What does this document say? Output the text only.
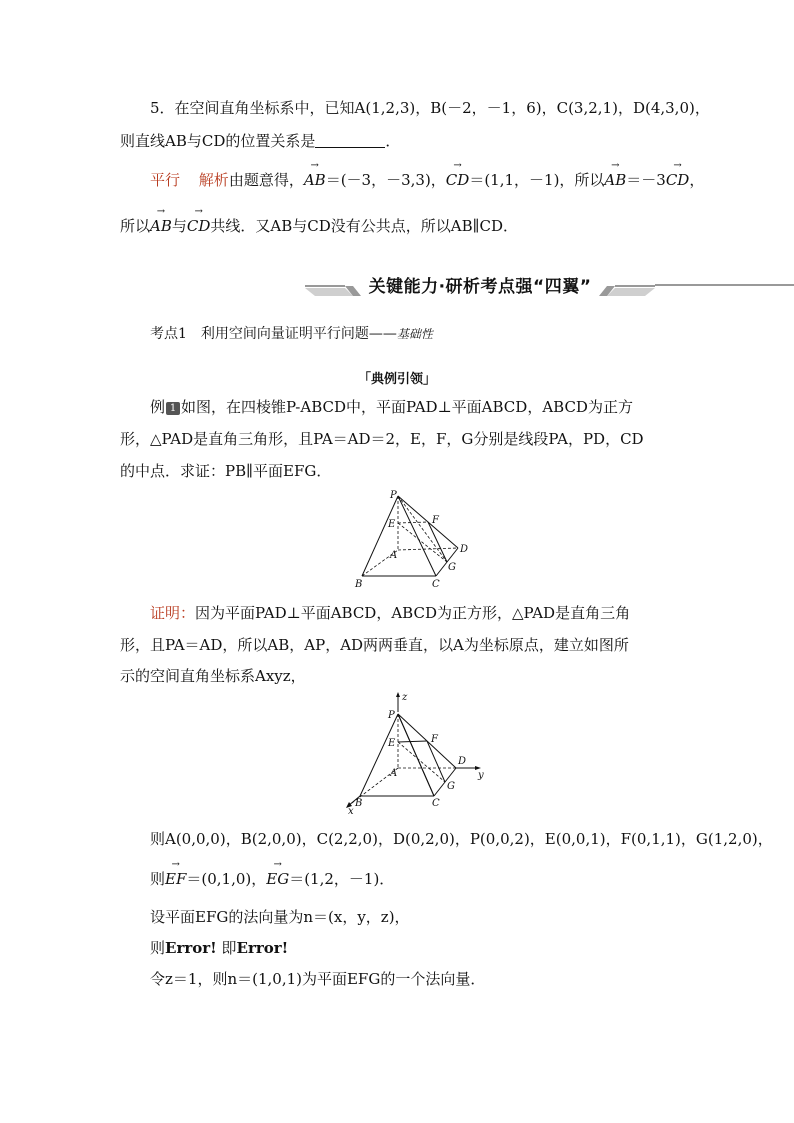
5．在空间直角坐标系中，已知A(1,2,3)，B(－2，－1，6)，C(3,2,1)，D(4,3,0)，
则直线AB与CD的位置关系是	．
平行 解析由题意得，→ AB＝(－3，－3,3)，→ CD＝(1,1，－1)，所以→ AB＝－3→ CD，
所以→ AB与→ CD共线．又AB与CD没有公共点，所以AB∥CD．
关键能力·研析考点强“四翼”
考点1　利用空间向量证明平行问题——基础性
「典例引领」
例 1 如图，在四棱锥P-ABCD中，平面PAD⊥平面ABCD，ABCD为正方
形，△PAD是直角三角形，且PA＝AD＝2，E，F，G分别是线段PA，PD，CD
的中点．求证：PB∥平面EFG．
P
E	F
A
D
G
B	C
证明：因为平面PAD⊥平面ABCD，ABCD为正方形，△PAD是直角三角
形，且PA＝AD，所以AB，AP，AD两两垂直，以A为坐标原点，建立如图所
示的空间直角坐标系Axyz，
z
P
E	F
A
D
y
G
B	C
x
则A(0,0,0)，B(2,0,0)，C(2,2,0)，D(0,2,0)，P(0,0,2)，E(0,0,1)，F(0,1,1)，G(1,2,0)，
则→ EF＝(0,1,0)，→ EG＝(1,2，－1)．
设平面EFG的法向量为n＝(x，y，z)，
则Error! 即Error!
令z＝1，则n＝(1,0,1)为平面EFG的一个法向量．
